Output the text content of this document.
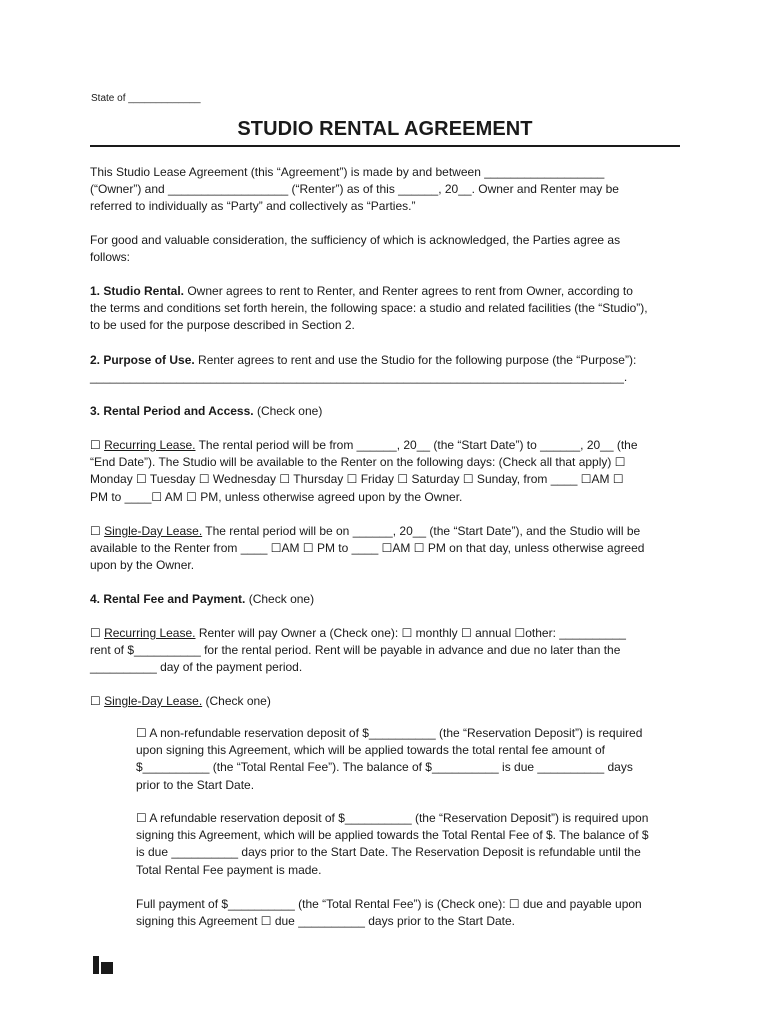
State of _____________
STUDIO RENTAL AGREEMENT
This Studio Lease Agreement (this “Agreement”) is made by and between __________________
(“Owner”) and __________________ (“Renter”) as of this ______, 20__. Owner and Renter may be
referred to individually as “Party” and collectively as “Parties.”
For good and valuable consideration, the sufficiency of which is acknowledged, the Parties agree as
follows:
1. Studio Rental. Owner agrees to rent to Renter, and Renter agrees to rent from Owner, according to
the terms and conditions set forth herein, the following space: a studio and related facilities (the “Studio”),
to be used for the purpose described in Section 2.
2. Purpose of Use. Renter agrees to rent and use the Studio for the following purpose (the “Purpose”):
________________________________________________________________________________.
3. Rental Period and Access. (Check one)
☐ Recurring Lease. The rental period will be from ______, 20__ (the “Start Date”) to ______, 20__ (the
“End Date”). The Studio will be available to the Renter on the following days: (Check all that apply) ☐
Monday ☐ Tuesday ☐ Wednesday ☐ Thursday ☐ Friday ☐ Saturday ☐ Sunday, from ____ ☐AM ☐
PM to ____☐ AM ☐ PM, unless otherwise agreed upon by the Owner.
☐ Single-Day Lease. The rental period will be on ______, 20__ (the “Start Date”), and the Studio will be
available to the Renter from ____ ☐AM ☐ PM to ____ ☐AM ☐ PM on that day, unless otherwise agreed
upon by the Owner.
4. Rental Fee and Payment. (Check one)
☐ Recurring Lease. Renter will pay Owner a (Check one): ☐ monthly ☐ annual ☐other: __________
rent of $__________ for the rental period. Rent will be payable in advance and due no later than the
__________ day of the payment period.
☐ Single-Day Lease. (Check one)
☐ A non-refundable reservation deposit of $__________ (the “Reservation Deposit”) is required
upon signing this Agreement, which will be applied towards the total rental fee amount of
$__________ (the “Total Rental Fee”). The balance of $__________ is due __________ days
prior to the Start Date.
☐ A refundable reservation deposit of $__________ (the “Reservation Deposit”) is required upon
signing this Agreement, which will be applied towards the Total Rental Fee of $. The balance of $
is due __________ days prior to the Start Date. The Reservation Deposit is refundable until the
Total Rental Fee payment is made.
Full payment of $__________ (the “Total Rental Fee”) is (Check one): ☐ due and payable upon
signing this Agreement ☐ due __________ days prior to the Start Date.
